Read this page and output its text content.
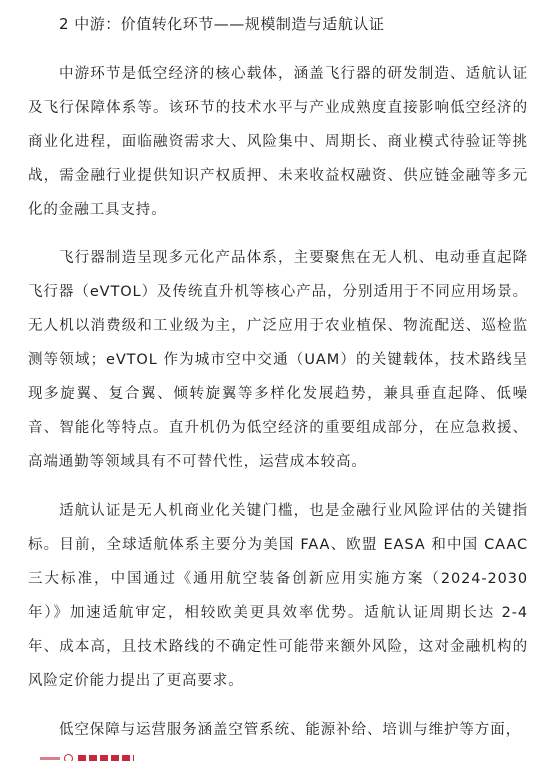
2 中游：价值转化环节——规模制造与适航认证

中游环节是低空经济的核心载体，涵盖飞行器的研发制造、适航认证及飞行保障体系等。该环节的技术水平与产业成熟度直接影响低空经济的商业化进程，面临融资需求大、风险集中、周期长、商业模式待验证等挑战，需金融行业提供知识产权质押、未来收益权融资、供应链金融等多元化的金融工具支持。

飞行器制造呈现多元化产品体系，主要聚焦在无人机、电动垂直起降飞行器（eVTOL）及传统直升机等核心产品，分别适用于不同应用场景。无人机以消费级和工业级为主，广泛应用于农业植保、物流配送、巡检监测等领域；eVTOL 作为城市空中交通（UAM）的关键载体，技术路线呈现多旋翼、复合翼、倾转旋翼等多样化发展趋势，兼具垂直起降、低噪音、智能化等特点。直升机仍为低空经济的重要组成部分，在应急救援、高端通勤等领域具有不可替代性，运营成本较高。

适航认证是无人机商业化关键门槛，也是金融行业风险评估的关键指标。目前，全球适航体系主要分为美国 FAA、欧盟 EASA 和中国 CAAC 三大标准，中国通过《通用航空装备创新应用实施方案（2024-2030 年）》加速适航审定，相较欧美更具效率优势。适航认证周期长达 2-4 年、成本高，且技术路线的不确定性可能带来额外风险，这对金融机构的风险定价能力提出了更高要求。

低空保障与运营服务涵盖空管系统、能源补给、培训与维护等方面，
